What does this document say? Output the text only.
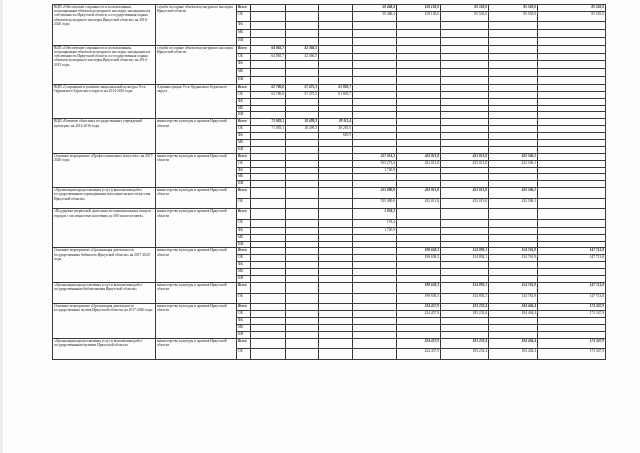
ВЦП «Обеспечение сохранности и использования, популяризация объектов культурного наследия, находящихся в собственности Иркутской области, и государственная охрана объектов культурного наследия Иркутской области» на 2016-2020 годы	служба по охране объектов культурного наследия Иркутской области	Всего				50 468,4	158 103,0	85 503,0	85 503,0	85 503,0
		ОБ				50 468,4	158 103,0	85 503,0	85 503,0	85 503,0
		ФБ								
		МБ								
		ИИ								
ВЦП «Обеспечение сохранности и использования, популяризация объектов культурного наследия, находящихся в собственности Иркутской области, и государственная охрана объектов культурного наследия Иркутской области» на 2014-2015 годы	служба по охране объектов культурного наследия Иркутской области	Всего	64 065,7	42 366,5						
		ОБ	64 065,7	42 366,5						
		ФБ								
		МБ								
		ИИ								
ВЦП «Сохранение и развитие национальной культуры Усть-Ордынского Бурятского округа» на 2014-2016 годы	Администрация Усть-Ордынского Бурятского округа	Всего	62 786,0	57 475,3	61 803,7					
		ОБ	62 786,0	57 475,3	61 803,7					
		ФБ								
		МБ								
		ИИ								
ВЦП «Развитие областных государственных учреждений культуры» на 2014-2016 годы	министерство культуры и архивов Иркутской области	Всего	71 083,1	18 499,3	39 111,4					
		ОБ	71 083,1	18 499,3	38 281,5					
		ФБ			829,9					
		МБ								
		ИИ								
Основное мероприятие «Профессиональное искусство» на 2017-2020 годы	министерство культуры и архивов Иркутской области	Всего				557 014,3	452 811,8	453 013,8	432 506,1	
		ОБ				555 273,4	452 811,8	453 013,8	432 506,1	
		ФБ				1 740,9				
		МБ								
		ИИ								
«Организация предоставления услуг в выполнении работ государственными учреждениями исполнительского искусства Иркутской области»	министерство культуры и архивов Иркутской области	Всего				555 080,0	452 811,8	453 013,8	432 506,1	
		ОБ				555 080,0	452 811,8	453 013,8	432 506,1	
«Поддержка творческой деятельности муниципальных театров городов с численностью населения до 300 тысяч человек»	министерство культуры и архивов Иркутской области	Всего				1 934,3				
		ОБ				193,4				
		ФБ				1 740,9				
		МБ								
		ИИ								
Основное мероприятие «Организация деятельности государственных библиотек Иркутской области» на 2017-2020 годы	министерство культуры и архивов Иркутской области	Всего					198 658,3	154 892,1	154 761,9	147 713,8
		ОБ					198 658,3	154 892,1	154 761,9	147 713,8
		ФБ								
		МБ								
		ИИ								
«Организация предоставления услуг в выполнении работ государственными библиотеками Иркутской области»	министерство культуры и архивов Иркутской области	Всего					198 658,3	154 892,1	154 761,9	147 713,8
		ОБ					198 658,3	154 892,1	154 761,9	147 713,8
Основное мероприятие «Организация деятельности государственных музеев Иркутской области» на 2017-2020 годы	министерство культуры и архивов Иркутской области	Всего					224 457,9	183 232,4	184 404,4	173 347,9
		ОБ					224 457,9	183 232,4	184 404,4	173 347,9
		ФБ								
		МБ								
		ИИ								
«Организация предоставления услуг в выполнении работ государственными музеями Иркутской области»	министерство культуры и архивов Иркутской области	Всего					224 457,9	183 232,4	184 404,4	173 347,9
		ОБ					224 457,9	183 232,4	184 404,4	173 347,9
